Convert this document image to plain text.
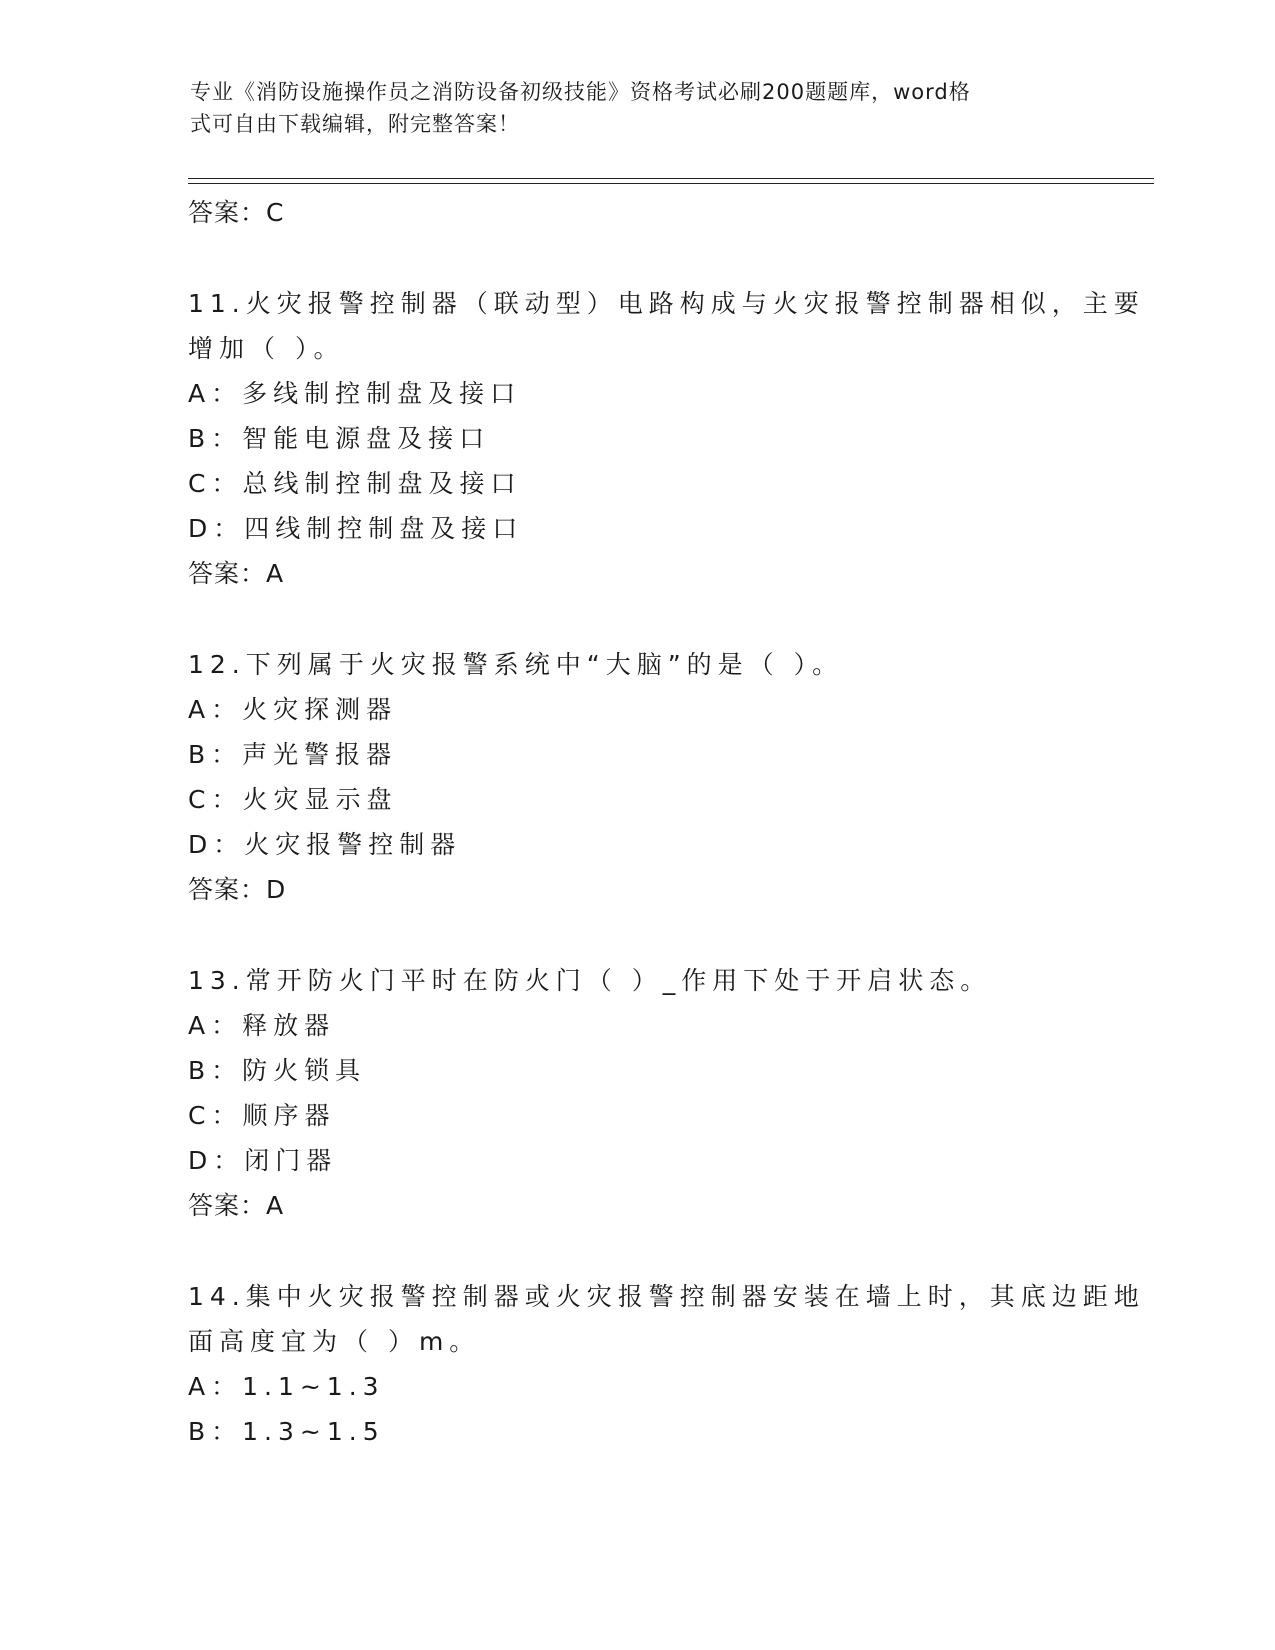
专业《消防设施操作员之消防设备初级技能》资格考试必刷200题题库，word格
式可自由下载编辑，附完整答案！
答案：C
11.火灾报警控制器（联动型）电路构成与火灾报警控制器相似，主要
增加（ ）。
A：多线制控制盘及接口
B：智能电源盘及接口
C：总线制控制盘及接口
D：四线制控制盘及接口
答案：A
12.下列属于火灾报警系统中“大脑”的是（ ）。
A：火灾探测器
B：声光警报器
C：火灾显示盘
D：火灾报警控制器
答案：D
13.常开防火门平时在防火门（ ）_作用下处于开启状态。
A：释放器
B：防火锁具
C：顺序器
D：闭门器
答案：A
14.集中火灾报警控制器或火灾报警控制器安装在墙上时，其底边距地
面高度宜为（ ）m。
A：1.1~1.3
B：1.3~1.5
